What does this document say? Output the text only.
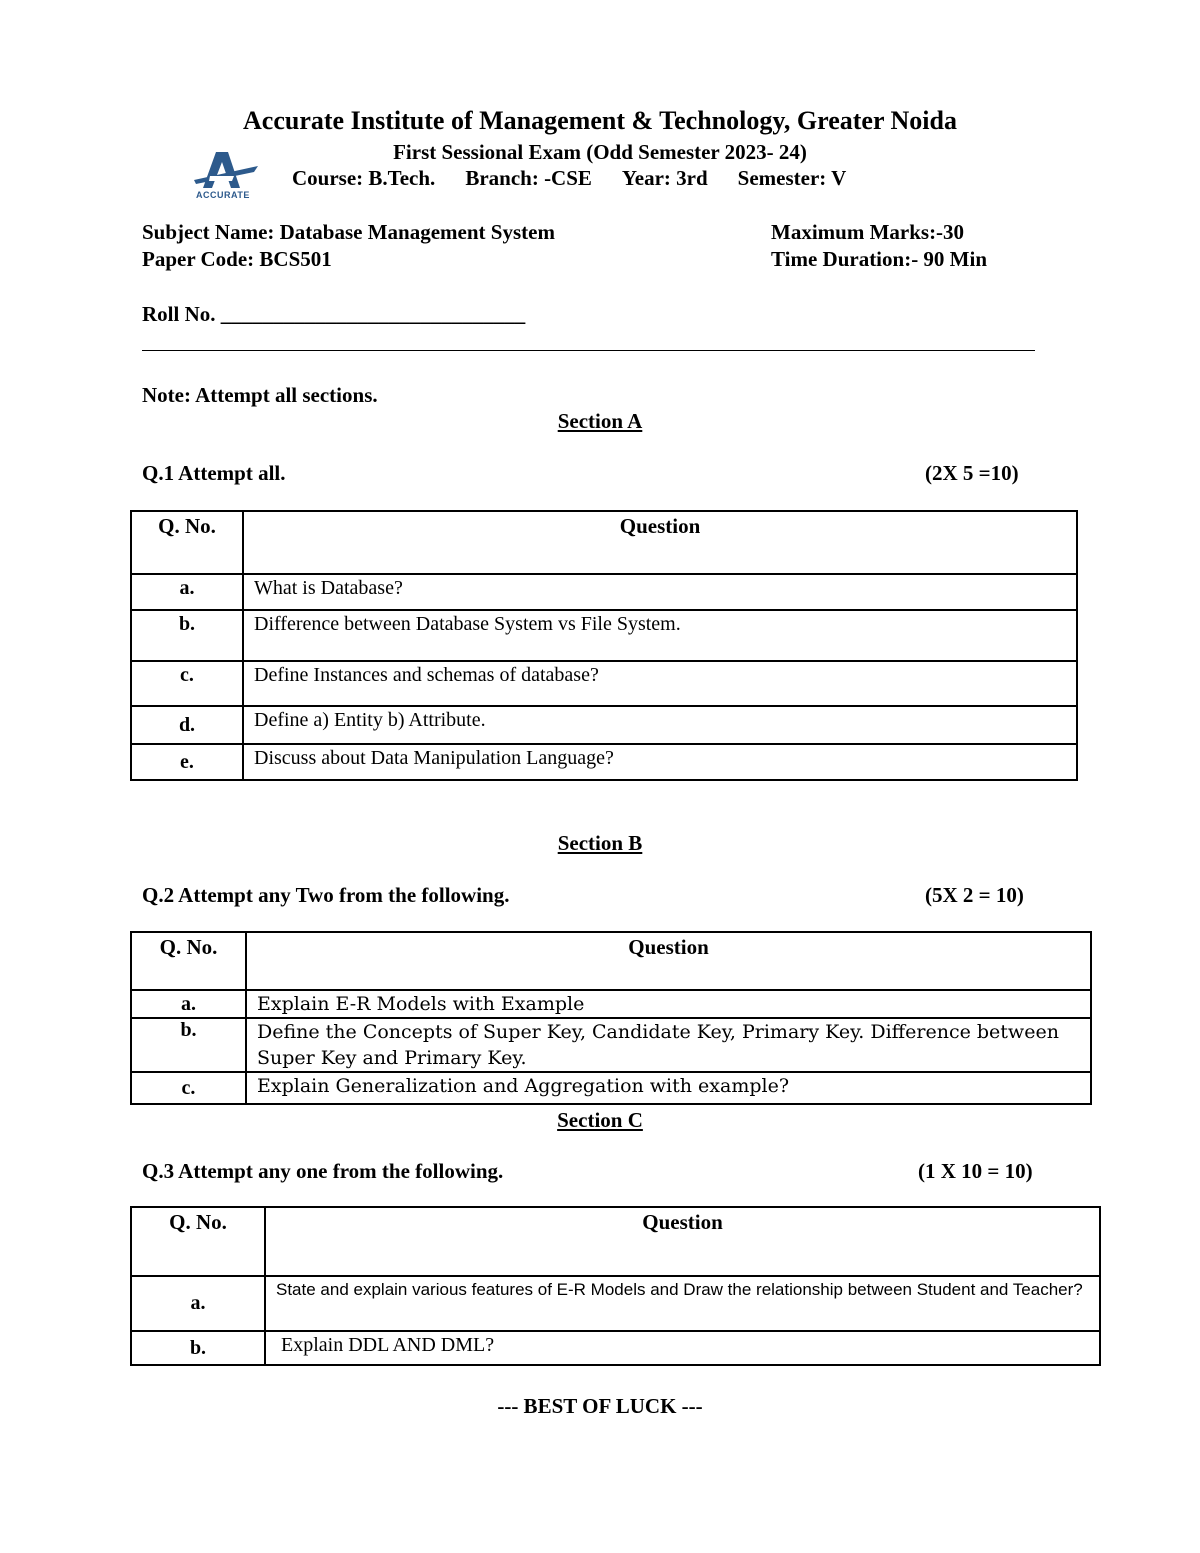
Accurate Institute of Management & Technology, Greater Noida
First Sessional Exam (Odd Semester 2023- 24)
ACCURATE
Course: B.Tech. Branch: -CSE Year: 3rd Semester: V
Subject Name: Database Management System
Paper Code: BCS501
Maximum Marks:-30
Time Duration:- 90 Min
Roll No. _____________________________
Note: Attempt all sections.
Section A
Q.1 Attempt all.	(2X 5 =10)
Q. No.	Question
a.	What is Database?
b.	Difference between Database System vs File System.
c.	Define Instances and schemas of database?
d.	Define a) Entity b) Attribute.
e.	Discuss about Data Manipulation Language?
Section B
Q.2 Attempt any Two from the following.	(5X 2 = 10)
Q. No.	Question
a.	Explain E-R Models with Example
b.	Define the Concepts of Super Key, Candidate Key, Primary Key. Difference between Super Key and Primary Key.
c.	Explain Generalization and Aggregation with example?
Section C
Q.3 Attempt any one from the following.	(1 X 10 = 10)
Q. No.	Question
a.	State and explain various features of E-R Models and Draw the relationship between Student and Teacher?
b.	Explain DDL AND DML?
--- BEST OF LUCK ---
